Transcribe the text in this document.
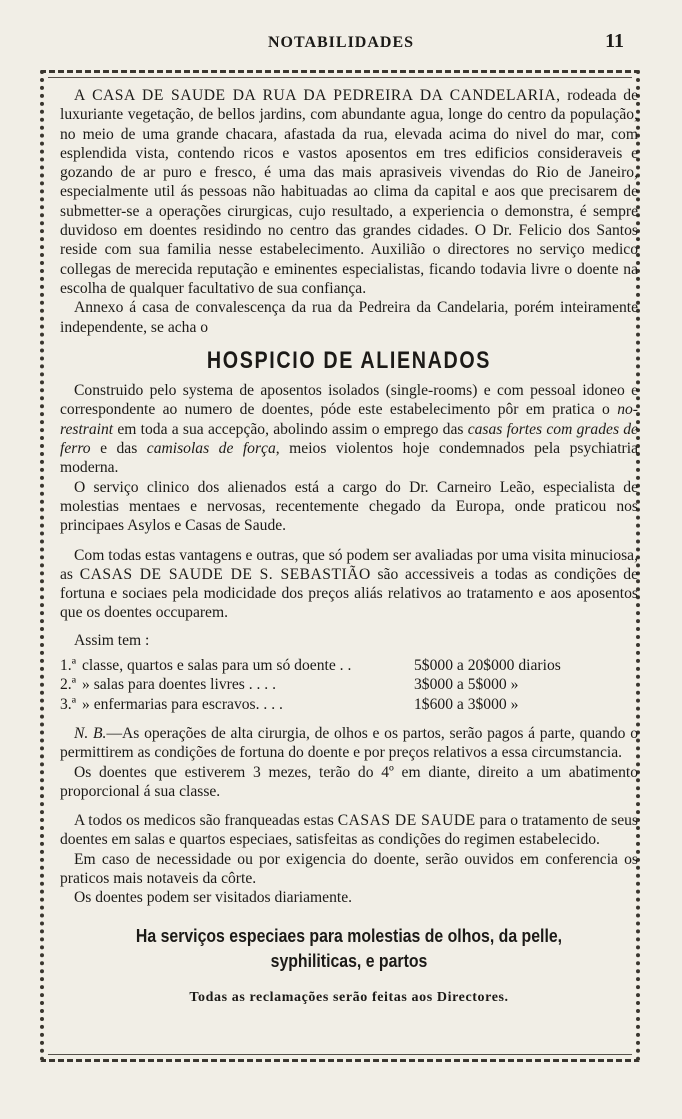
NOTABILIDADES	11

A CASA DE SAUDE DA RUA DA PEDREIRA DA CANDELARIA, rodeada de luxuriante vegetação, de bellos jardins, com abundante agua, longe do centro da população, no meio de uma grande chacara, afastada da rua, elevada acima do nivel do mar, com esplendida vista, contendo ricos e vastos aposentos em tres edificios consideraveis e gozando de ar puro e fresco, é uma das mais aprasiveis vivendas do Rio de Janeiro, especialmente util ás pessoas não habituadas ao clima da capital e aos que precisarem de submetter-se a operações cirurgicas, cujo resultado, a experiencia o demonstra, é sempre duvidoso em doentes residindo no centro das grandes cidades. O Dr. Felicio dos Santos reside com sua familia nesse estabelecimento. Auxilião o directores no serviço medico collegas de merecida reputação e eminentes especialistas, ficando todavia livre o doente na escolha de qualquer facultativo de sua confiança.

Annexo á casa de convalescença da rua da Pedreira da Candelaria, porém inteiramente independente, se acha o

HOSPICIO DE ALIENADOS

Construido pelo systema de aposentos isolados (single-rooms) e com pessoal idoneo e correspondente ao numero de doentes, póde este estabelecimento pôr em pratica o no-restraint em toda a sua accepção, abolindo assim o emprego das casas fortes com grades de ferro e das camisolas de força, meios violentos hoje condemnados pela psychiatria moderna.

O serviço clinico dos alienados está a cargo do Dr. Carneiro Leão, especialista de molestias mentaes e nervosas, recentemente chegado da Europa, onde praticou nos principaes Asylos e Casas de Saude.

Com todas estas vantagens e outras, que só podem ser avaliadas por uma visita minuciosa, as CASAS DE SAUDE DE S. SEBASTIÃO são accessiveis a todas as condições de fortuna e sociaes pela modicidade dos preços aliás relativos ao tratamento e aos aposentos que os doentes occuparem.

Assim tem :

1.ª classe, quartos e salas para um só doente . .	5$000 a 20$000 diarios
2.ª » salas para doentes livres . . . .	3$000 a 5$000 »
3.ª » enfermarias para escravos. . . .	1$600 a 3$000 »

N. B.—As operações de alta cirurgia, de olhos e os partos, serão pagos á parte, quando o permittirem as condições de fortuna do doente e por preços relativos a essa circumstancia.

Os doentes que estiverem 3 mezes, terão do 4º em diante, direito a um abatimento proporcional á sua classe.

A todos os medicos são franqueadas estas CASAS DE SAUDE para o tratamento de seus doentes em salas e quartos especiaes, satisfeitas as condições do regimen estabelecido.

Em caso de necessidade ou por exigencia do doente, serão ouvidos em conferencia os praticos mais notaveis da côrte.

Os doentes podem ser visitados diariamente.

Ha serviços especiaes para molestias de olhos, da pelle, syphiliticas, e partos
Todas as reclamações serão feitas aos Directores.
